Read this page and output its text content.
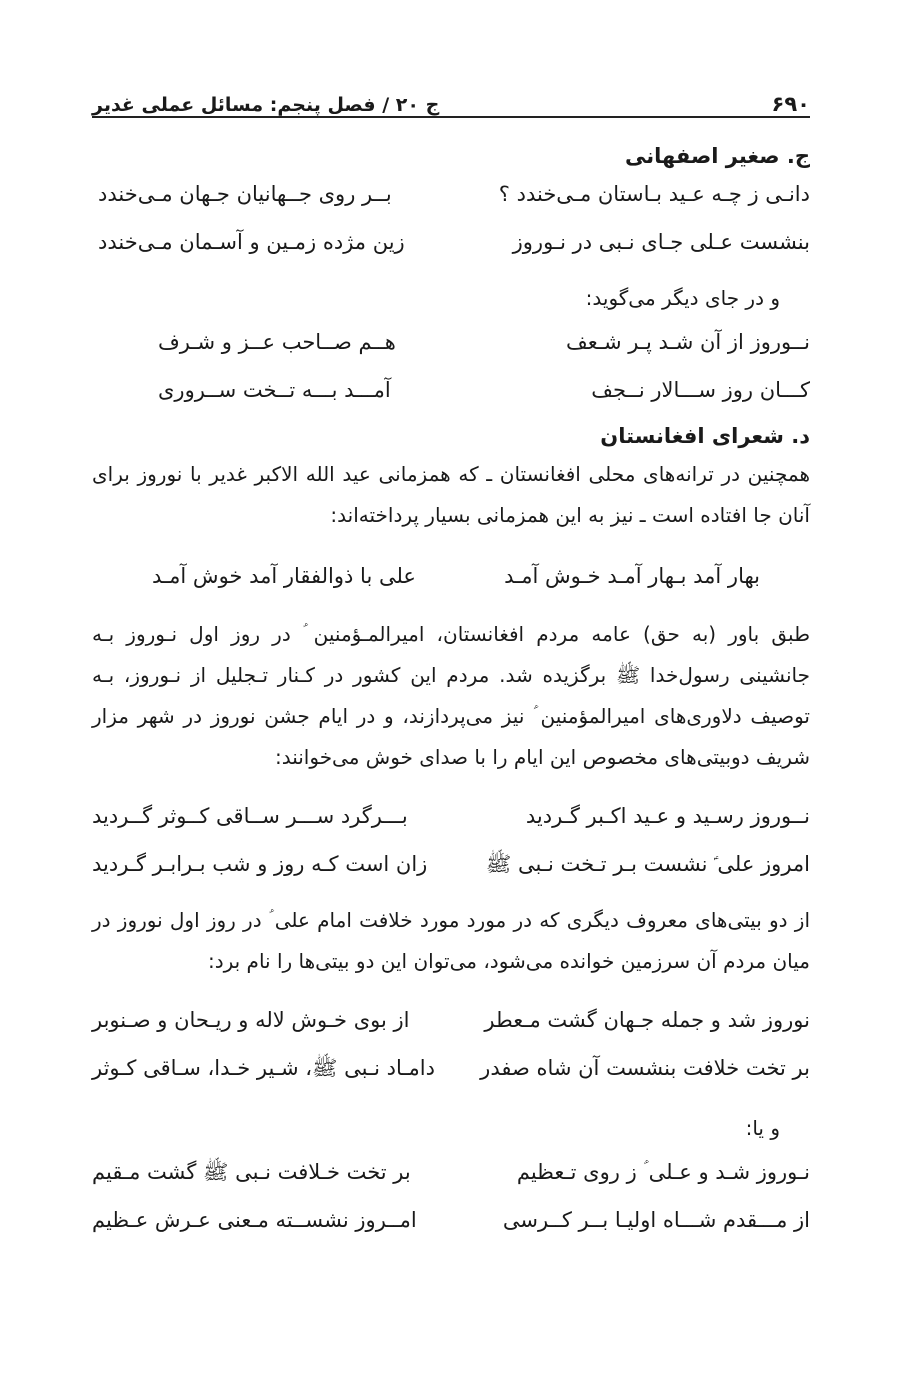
۶۹۰
ج ۲۰ / فصل پنجم: مسائل عملی غدیر

ج. صغیر اصفهانی

دانـی ز چـه عـید بـاستان مـی‌خندد ؟
بــر روی جــهانیان جـهان مـی‌خندد
بنشست عـلی جـای نـبی در نـوروز
زین مژده زمـین و آسـمان مـی‌خندد

و در جای دیگر می‌گوید:

نــوروز از آن شـد پـر شـعف
هــم صــاحب عــز و شـرف
کـــان روز ســـالار نــجف
آمـــد بـــه تــخت ســروری

د. شعرای افغانستان

همچنین در ترانه‌های محلی افغانستان ـ که همزمانی عید الله الاکبر غدیر با نوروز برای آنان جا افتاده است ـ نیز به این همزمانی بسیار پرداخته‌اند:

بهار آمد بـهار آمـد خـوش آمـد
علی با ذوالفقار آمد خوش آمـد

طبق باور (به حق) عامه مردم افغانستان، امیرالمـؤمنین ؑ در روز اول نـوروز بـه جانشینی رسول‌خدا ﷺ برگزیده شد. مردم این کشور در کـنار تـجلیل از نـوروز، بـه توصیف دلاوری‌های امیرالمؤمنین ؑ نیز می‌پردازند، و در ایام جشن نوروز در شهر مزار شریف دوبیتی‌های مخصوص این ایام را با صدای خوش می‌خوانند:

نــوروز رسـید و عـید اکـبر گـردید
بـــرگرد ســـر ســاقی کــوثر گــردید
امروز علی ؑ نشست بـر تـخت نـبی ﷺ
زان است کـه روز و شب بـرابـر گـردید

از دو بیتی‌های معروف دیگری که در مورد مورد خلافت امام علی ؑ در روز اول نوروز در میان مردم آن سرزمین خوانده می‌شود، می‌توان این دو بیتی‌ها را نام برد:

نوروز شد و جمله جـهان گشت مـعطر
از بوی خـوش لاله و ریـحان و صـنوبر
بر تخت خلافت بنشست آن شاه صفدر
دامـاد نـبی ﷺ، شـیر خـدا، سـاقی کـوثر

و یا:

نـوروز شـد و عـلی ؑ ز روی تـعظیم
بر تخت خـلافت نـبی ﷺ گشت مـقیم
از مـــقدم شـــاه اولیـا بــر کــرسی
امــروز نشســته مـعنی عـرش عـظیم
